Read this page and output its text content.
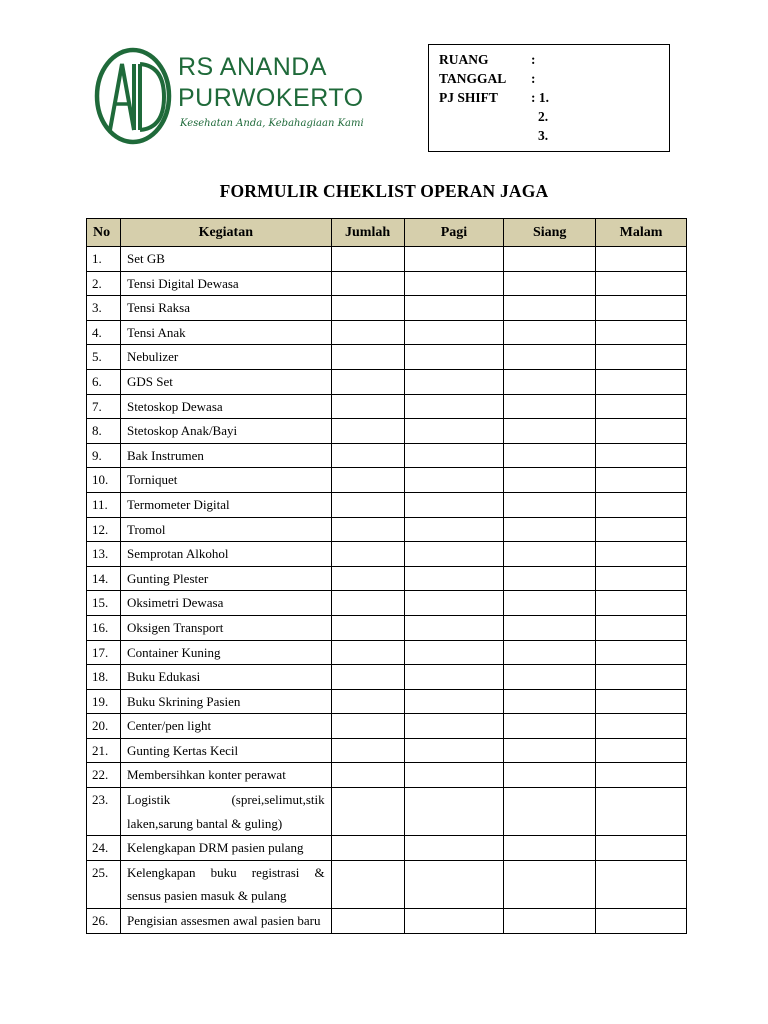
RS ANANDA
PURWOKERTO
Kesehatan Anda, Kebahagiaan Kami
RUANG	:
TANGGAL :
PJ SHIFT : 1.
2.
3.
FORMULIR CHEKLIST OPERAN JAGA
No	Kegiatan	Jumlah	Pagi	Siang	Malam
1.	Set GB				
2.	Tensi Digital Dewasa				
3.	Tensi Raksa				
4.	Tensi Anak				
5.	Nebulizer				
6.	GDS Set				
7.	Stetoskop Dewasa				
8.	Stetoskop Anak/Bayi				
9.	Bak Instrumen				
10.	Torniquet				
11.	Termometer Digital				
12.	Tromol				
13.	Semprotan Alkohol				
14.	Gunting Plester				
15.	Oksimetri Dewasa				
16.	Oksigen Transport				
17.	Container Kuning				
18.	Buku Edukasi				
19.	Buku Skrining Pasien				
20.	Center/pen light				
21.	Gunting Kertas Kecil				
22.	Membersihkan konter perawat				
23.	Logistik (sprei,selimut,stik laken,sarung bantal & guling)				
24.	Kelengkapan DRM pasien pulang				
25.	Kelengkapan buku registrasi & sensus pasien masuk & pulang				
26.	Pengisian assesmen awal pasien baru				
